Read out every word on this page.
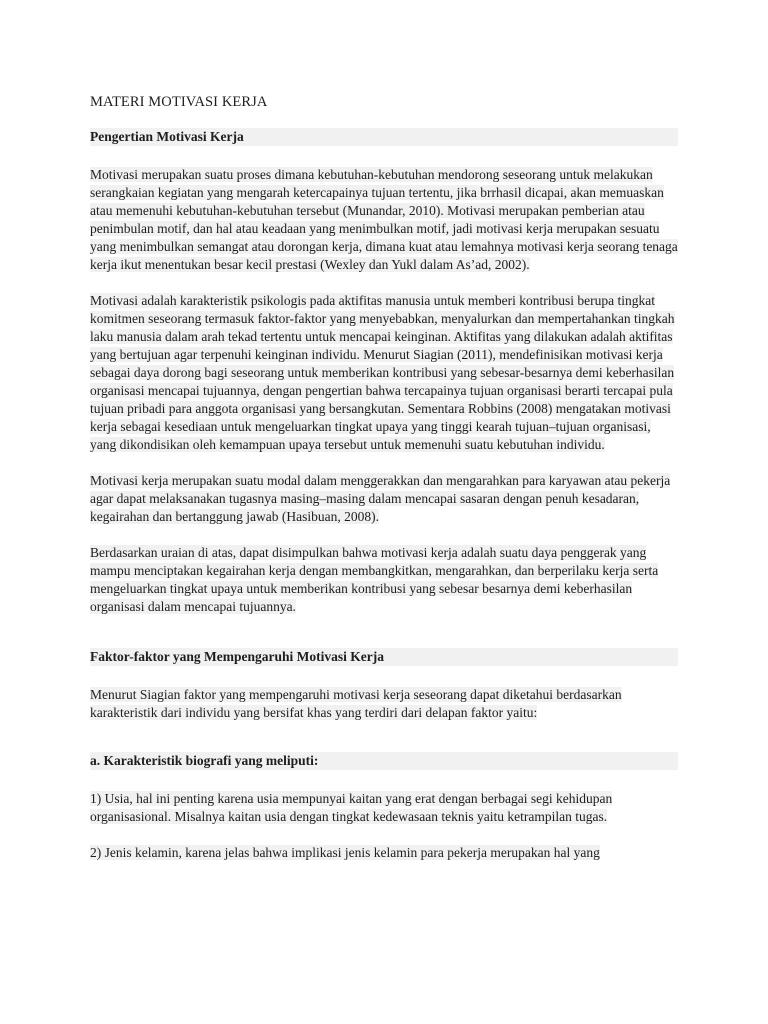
MATERI MOTIVASI KERJA
Pengertian Motivasi Kerja

Motivasi merupakan suatu proses dimana kebutuhan-kebutuhan mendorong seseorang untuk melakukan serangkaian kegiatan yang mengarah ketercapainya tujuan tertentu, jika brrhasil dicapai, akan memuaskan atau memenuhi kebutuhan-kebutuhan tersebut (Munandar, 2010). Motivasi merupakan pemberian atau penimbulan motif, dan hal atau keadaan yang menimbulkan motif, jadi motivasi kerja merupakan sesuatu yang menimbulkan semangat atau dorongan kerja, dimana kuat atau lemahnya motivasi kerja seorang tenaga kerja ikut menentukan besar kecil prestasi (Wexley dan Yukl dalam As’ad, 2002).

Motivasi adalah karakteristik psikologis pada aktifitas manusia untuk memberi kontribusi berupa tingkat komitmen seseorang termasuk faktor-faktor yang menyebabkan, menyalurkan dan mempertahankan tingkah laku manusia dalam arah tekad tertentu untuk mencapai keinginan. Aktifitas yang dilakukan adalah aktifitas yang bertujuan agar terpenuhi keinginan individu. Menurut Siagian (2011), mendefinisikan motivasi kerja sebagai daya dorong bagi seseorang untuk memberikan kontribusi yang sebesar-besarnya demi keberhasilan organisasi mencapai tujuannya, dengan pengertian bahwa tercapainya tujuan organisasi berarti tercapai pula tujuan pribadi para anggota organisasi yang bersangkutan. Sementara Robbins (2008) mengatakan motivasi kerja sebagai kesediaan untuk mengeluarkan tingkat upaya yang tinggi kearah tujuan–tujuan organisasi, yang dikondisikan oleh kemampuan upaya tersebut untuk memenuhi suatu kebutuhan individu.

Motivasi kerja merupakan suatu modal dalam menggerakkan dan mengarahkan para karyawan atau pekerja agar dapat melaksanakan tugasnya masing–masing dalam mencapai sasaran dengan penuh kesadaran, kegairahan dan bertanggung jawab (Hasibuan, 2008).

Berdasarkan uraian di atas, dapat disimpulkan bahwa motivasi kerja adalah suatu daya penggerak yang mampu menciptakan kegairahan kerja dengan membangkitkan, mengarahkan, dan berperilaku kerja serta mengeluarkan tingkat upaya untuk memberikan kontribusi yang sebesar besarnya demi keberhasilan organisasi dalam mencapai tujuannya.

Faktor-faktor yang Mempengaruhi Motivasi Kerja

Menurut Siagian faktor yang mempengaruhi motivasi kerja seseorang dapat diketahui berdasarkan karakteristik dari individu yang bersifat khas yang terdiri dari delapan faktor yaitu:

a. Karakteristik biografi yang meliputi:

1) Usia, hal ini penting karena usia mempunyai kaitan yang erat dengan berbagai segi kehidupan organisasional. Misalnya kaitan usia dengan tingkat kedewasaan teknis yaitu ketrampilan tugas.

2) Jenis kelamin, karena jelas bahwa implikasi jenis kelamin para pekerja merupakan hal yang
